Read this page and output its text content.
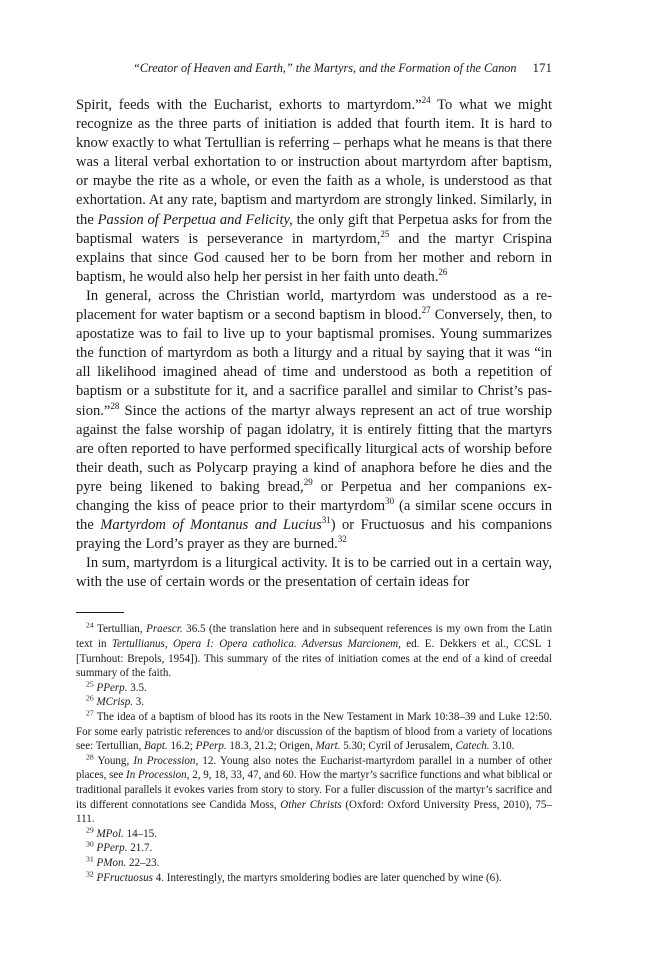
“Creator of Heaven and Earth,” the Martyrs, and the Formation of the Canon 171

Spirit, feeds with the Eucharist, exhorts to martyrdom.”$^{24}$ To what we might recognize as the three parts of initiation is added that fourth item. It is hard to know exactly to what Tertullian is referring – perhaps what he means is that there was a literal verbal exhortation to or instruction about martyrdom after baptism, or maybe the rite as a whole, or even the faith as a whole, is understood as that exhortation. At any rate, baptism and martyrdom are strongly linked. Similarly, in the Passion of Perpetua and Felicity, the only gift that Perpetua asks for from the baptismal waters is perseverance in martyrdom,$^{25}$ and the martyr Crispina explains that since God caused her to be born from her mother and reborn in baptism, he would also help her persist in her faith unto death.$^{26}$

In general, across the Christian world, martyrdom was understood as a replacement for water baptism or a second baptism in blood.$^{27}$ Conversely, then, to apostatize was to fail to live up to your baptismal promises. Young summarizes the function of martyrdom as both a liturgy and a ritual by saying that it was “in all likelihood imagined ahead of time and understood as both a repetition of baptism or a substitute for it, and a sacrifice parallel and similar to Christ’s passion.”$^{28}$ Since the actions of the martyr always represent an act of true worship against the false worship of pagan idolatry, it is entirely fitting that the martyrs are often reported to have performed specifically liturgical acts of worship before their death, such as Polycarp praying a kind of anaphora before he dies and the pyre being likened to baking bread,$^{29}$ or Perpetua and her companions exchanging the kiss of peace prior to their martyrdom$^{30}$ (a similar scene occurs in the Martyrdom of Montanus and Lucius$^{31}$) or Fructuosus and his companions praying the Lord’s prayer as they are burned.$^{32}$

In sum, martyrdom is a liturgical activity. It is to be carried out in a certain way, with the use of certain words or the presentation of certain ideas for

$^{24}$ Tertullian, Praescr. 36.5 (the translation here and in subsequent references is my own from the Latin text in Tertullianus, Opera I: Opera catholica. Adversus Marcionem, ed. E. Dekkers et al., CCSL 1 [Turnhout: Brepols, 1954]). This summary of the rites of initiation comes at the end of a kind of creedal summary of the faith.

$^{25}$ PPerp. 3.5.

$^{26}$ MCrisp. 3.

$^{27}$ The idea of a baptism of blood has its roots in the New Testament in Mark 10:38–39 and Luke 12:50. For some early patristic references to and/or discussion of the baptism of blood from a variety of locations see: Tertullian, Bapt. 16.2; PPerp. 18.3, 21.2; Origen, Mart. 5.30; Cyril of Jerusalem, Catech. 3.10.

$^{28}$ Young, In Procession, 12. Young also notes the Eucharist-martyrdom parallel in a number of other places, see In Procession, 2, 9, 18, 33, 47, and 60. How the martyr’s sacrifice functions and what biblical or traditional parallels it evokes varies from story to story. For a fuller discussion of the martyr’s sacrifice and its different connotations see Candida Moss, Other Christs (Oxford: Oxford University Press, 2010), 75–111.

$^{29}$ MPol. 14–15.

$^{30}$ PPerp. 21.7.

$^{31}$ PMon. 22–23.

$^{32}$ PFructuosus 4. Interestingly, the martyrs smoldering bodies are later quenched by wine (6).
